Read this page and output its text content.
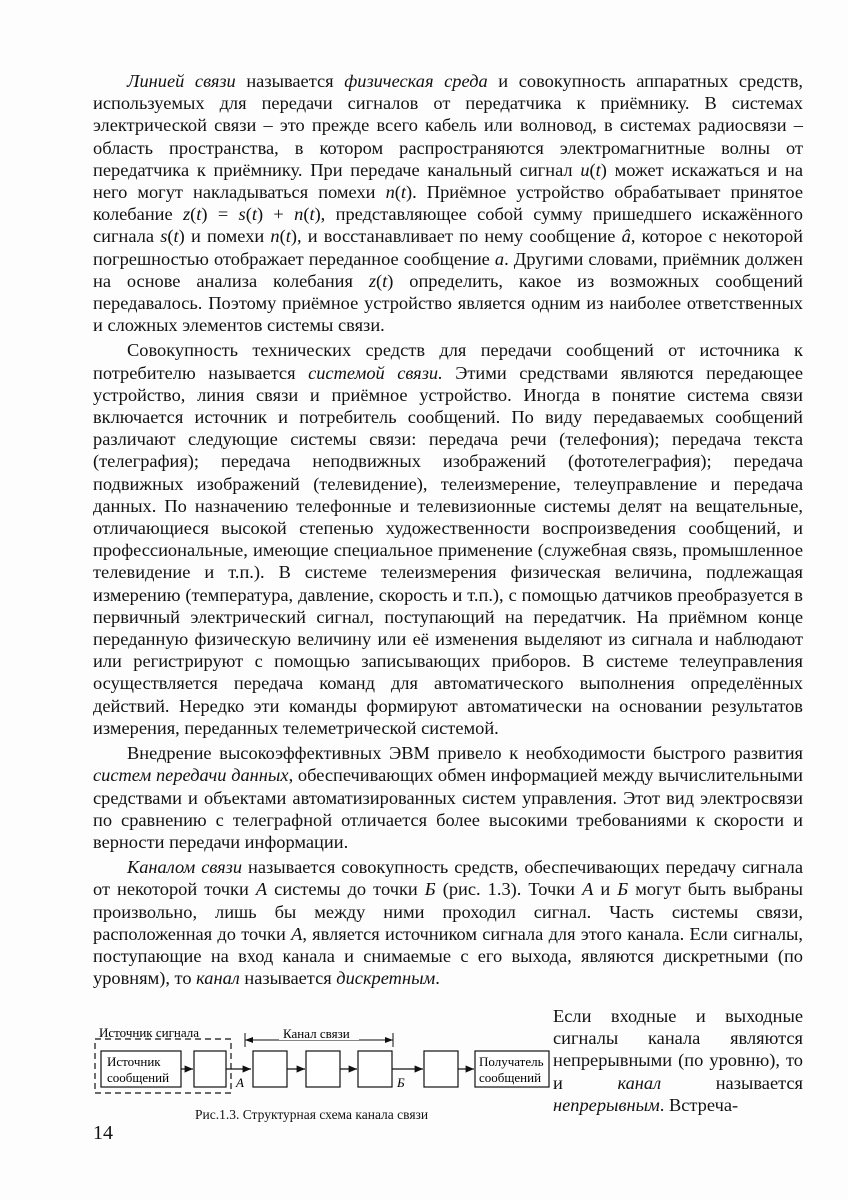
Линией связи называется физическая среда и совокупность аппаратных средств, используемых для передачи сигналов от передатчика к приёмнику. В системах электрической связи – это прежде всего кабель или волновод, в системах радиосвязи – область пространства, в котором распространяются электромагнитные волны от передатчика к приёмнику. При передаче канальный сигнал u(t) может искажаться и на него могут накладываться помехи n(t). Приёмное устройство обрабатывает принятое колебание z(t) = s(t) + n(t), представляющее собой сумму пришедшего искажённого сигнала s(t) и помехи n(t), и восстанавливает по нему сообщение â, которое с некоторой погрешностью отображает переданное сообщение a. Другими словами, приёмник должен на основе анализа колебания z(t) определить, какое из возможных сообщений передавалось. Поэтому приёмное устройство является одним из наиболее ответственных и сложных элементов системы связи.

Совокупность технических средств для передачи сообщений от источника к потребителю называется системой связи. Этими средствами являются передающее устройство, линия связи и приёмное устройство. Иногда в понятие система связи включается источник и потребитель сообщений. По виду передаваемых сообщений различают следующие системы связи: передача речи (телефония); передача текста (телеграфия); передача неподвижных изображений (фототелеграфия); передача подвижных изображений (телевидение), телеизмерение, телеуправление и передача данных. По назначению телефонные и телевизионные системы делят на вещательные, отличающиеся высокой степенью художественности воспроизведения сообщений, и профессиональные, имеющие специальное применение (служебная связь, промышленное телевидение и т.п.). В системе телеизмерения физическая величина, подлежащая измерению (температура, давление, скорость и т.п.), с помощью датчиков преобразуется в первичный электрический сигнал, поступающий на передатчик. На приёмном конце переданную физическую величину или её изменения выделяют из сигнала и наблюдают или регистрируют с помощью записывающих приборов. В системе телеуправления осуществляется передача команд для автоматического выполнения определённых действий. Нередко эти команды формируют автоматически на основании результатов измерения, переданных телеметрической системой.

Внедрение высокоэффективных ЭВМ привело к необходимости быстрого развития систем передачи данных, обеспечивающих обмен информацией между вычислительными средствами и объектами автоматизированных систем управления. Этот вид электросвязи по сравнению с телеграфной отличается более высокими требованиями к скорости и верности передачи информации.

Каналом связи называется совокупность средств, обеспечивающих передачу сигнала от некоторой точки А системы до точки Б (рис. 1.3). Точки А и Б могут быть выбраны произвольно, лишь бы между ними проходил сигнал. Часть системы связи, расположенная до точки А, является источником сигнала для этого канала. Если сигналы, поступающие на вход канала и снимаемые с его выхода, являются дискретными (по уровням), то канал называется дискретным.

Источник сигнала
Источник
сообщений	А
Канал связи
Б
Получатель
сообщений
Рис.1.3. Структурная схема канала связи
Если входные и выходные сигналы канала являются непрерывными (по уровню), то и канал называется непрерывным. Встреча-
14
